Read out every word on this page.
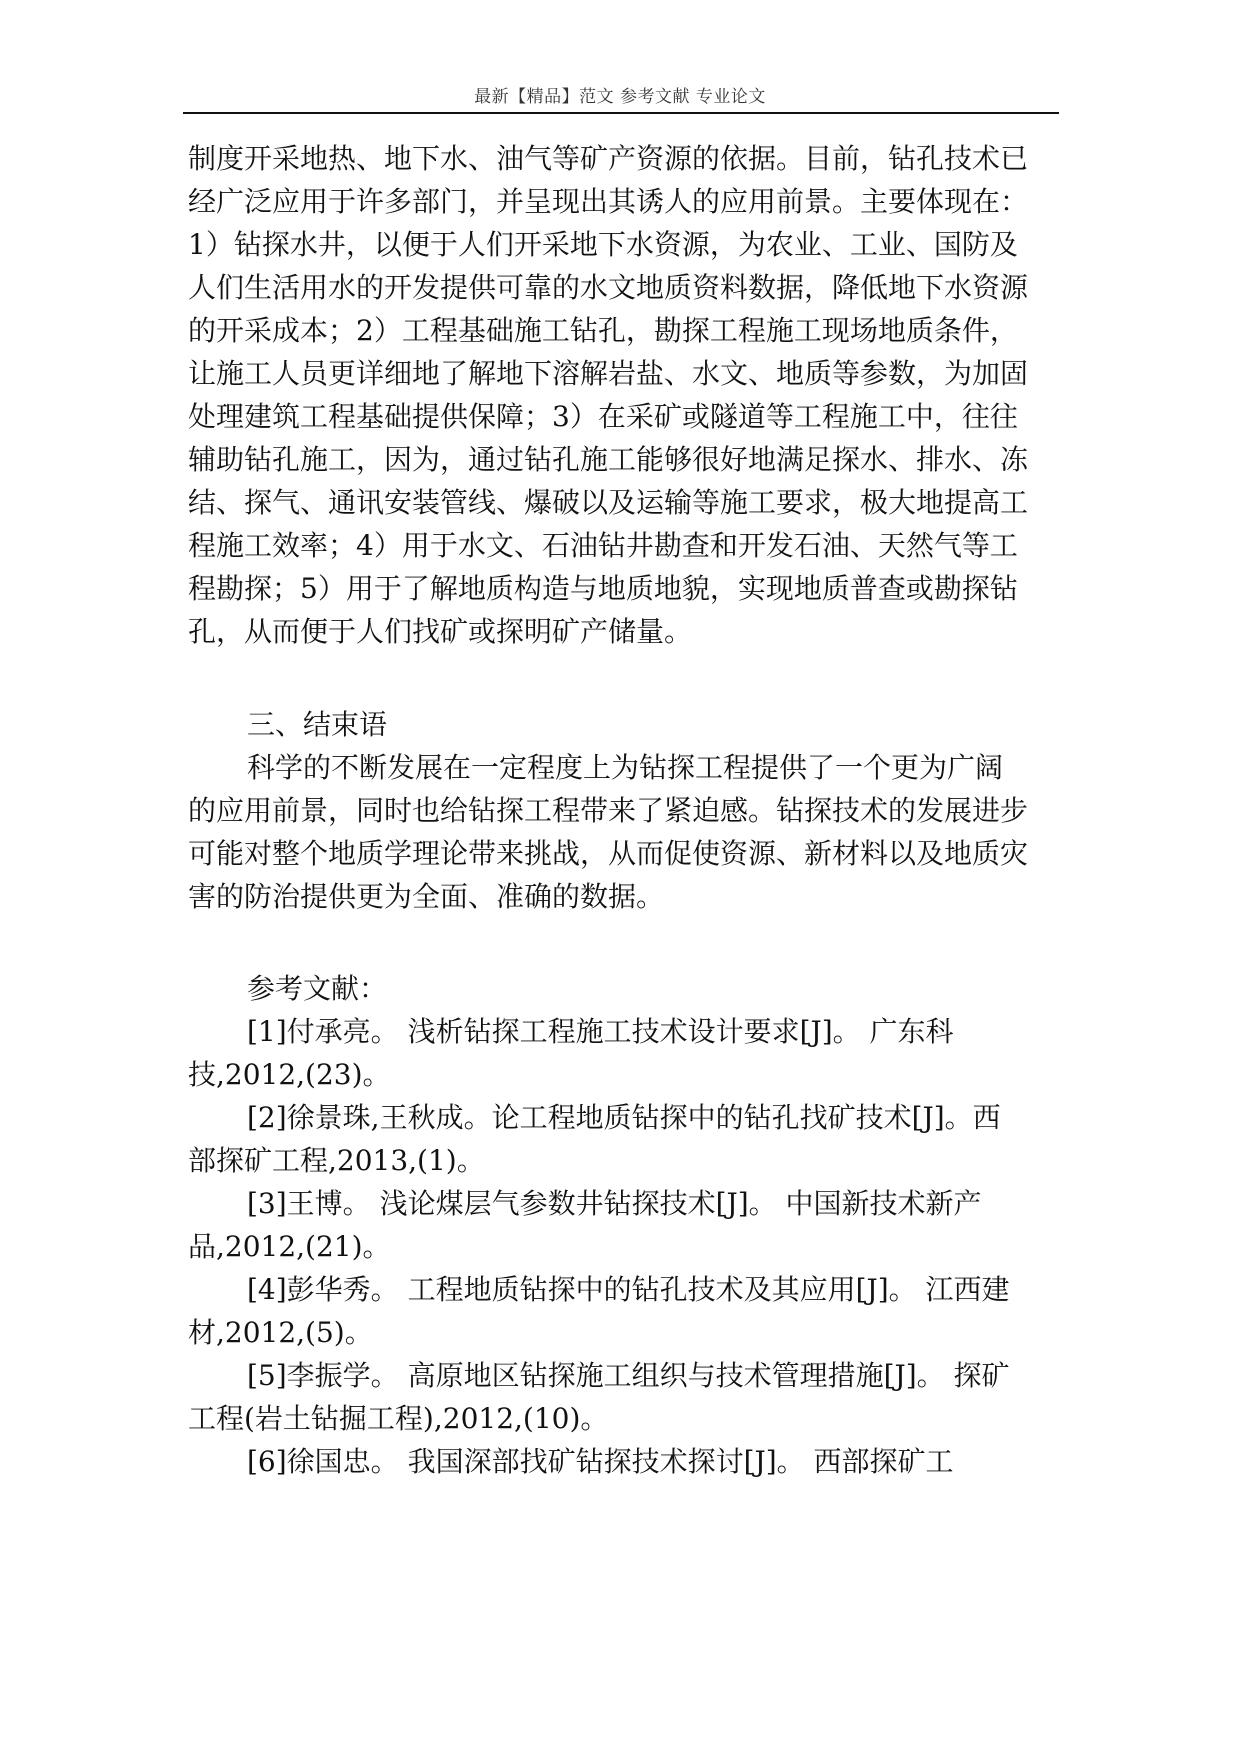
最新【精品】范文 参考文献 专业论文
制度开采地热、地下水、油气等矿产资源的依据。目前，钻孔技术已
经广泛应用于许多部门，并呈现出其诱人的应用前景。主要体现在：
1）钻探水井，以便于人们开采地下水资源，为农业、工业、国防及
人们生活用水的开发提供可靠的水文地质资料数据，降低地下水资源
的开采成本；2）工程基础施工钻孔，勘探工程施工现场地质条件，
让施工人员更详细地了解地下溶解岩盐、水文、地质等参数，为加固
处理建筑工程基础提供保障；3）在采矿或隧道等工程施工中，往往
辅助钻孔施工，因为，通过钻孔施工能够很好地满足探水、排水、冻
结、探气、通讯安装管线、爆破以及运输等施工要求，极大地提高工
程施工效率；4）用于水文、石油钻井勘查和开发石油、天然气等工
程勘探；5）用于了解地质构造与地质地貌，实现地质普查或勘探钻
孔，从而便于人们找矿或探明矿产储量。
三、结束语
科学的不断发展在一定程度上为钻探工程提供了一个更为广阔
的应用前景，同时也给钻探工程带来了紧迫感。钻探技术的发展进步
可能对整个地质学理论带来挑战，从而促使资源、新材料以及地质灾
害的防治提供更为全面、准确的数据。
参考文献：
[1]付承亮。 浅析钻探工程施工技术设计要求[J]。 广东科
技,2012,(23)。
[2]徐景珠,王秋成。论工程地质钻探中的钻孔找矿技术[J]。西
部探矿工程,2013,(1)。
[3]王博。 浅论煤层气参数井钻探技术[J]。 中国新技术新产
品,2012,(21)。
[4]彭华秀。 工程地质钻探中的钻孔技术及其应用[J]。 江西建
材,2012,(5)。
[5]李振学。 高原地区钻探施工组织与技术管理措施[J]。 探矿
工程(岩土钻掘工程),2012,(10)。
[6]徐国忠。 我国深部找矿钻探技术探讨[J]。 西部探矿工
